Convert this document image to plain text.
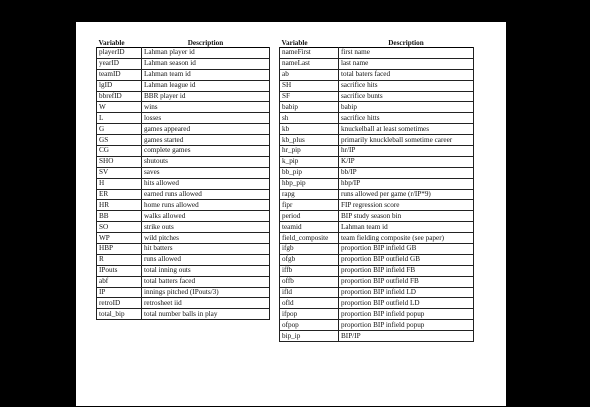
Variable	Description
playerID	Lahman player id
yearID	Lahman season id
teamID	Lahman team id
lgID	Lahman league id
bbrefID	BBR player id
W	wins
L	losses
G	games appeared
GS	games started
CG	complete games
SHO	shutouts
SV	saves
H	hits allowed
ER	earned runs allowed
HR	home runs allowed
BB	walks allowed
SO	strike outs
WP	wild pitches
HBP	hit batters
R	runs allowed
IPouts	total inning outs
abf	total batters faced
IP	innings pitched (IPouts/3)
retroID	retrosheet iid
total_bip	total number balls in play
Variable	Description
nameFirst	first name
nameLast	last name
ab	total baters faced
SH	sacrifice hits
SF	sacrifice bunts
babip	babip
sh	sacrifice hitts
kb	knuckelball at least sometimes
kb_plus	primarily knuckleball sometime career
hr_pip	hr/IP
k_pip	K/IP
bb_pip	bb/IP
hbp_pip	hbp/IP
rapg	runs allowed per game (r/IP*9)
fipr	FIP regression score
period	BIP study season bin
teamid	Lahman team id
field_composite	team fielding composite (see paper)
ifgb	proportion BIP infield GB
ofgb	proportion BIP outfield GB
iffb	proportion BIP infield FB
offb	proportion BIP outfield FB
ifld	proportion BIP infield LD
ofld	proportion BIP outfield LD
ifpop	proportion BIP infield popup
ofpop	proportion BIP infield popup
bip_ip	BIP/IP
